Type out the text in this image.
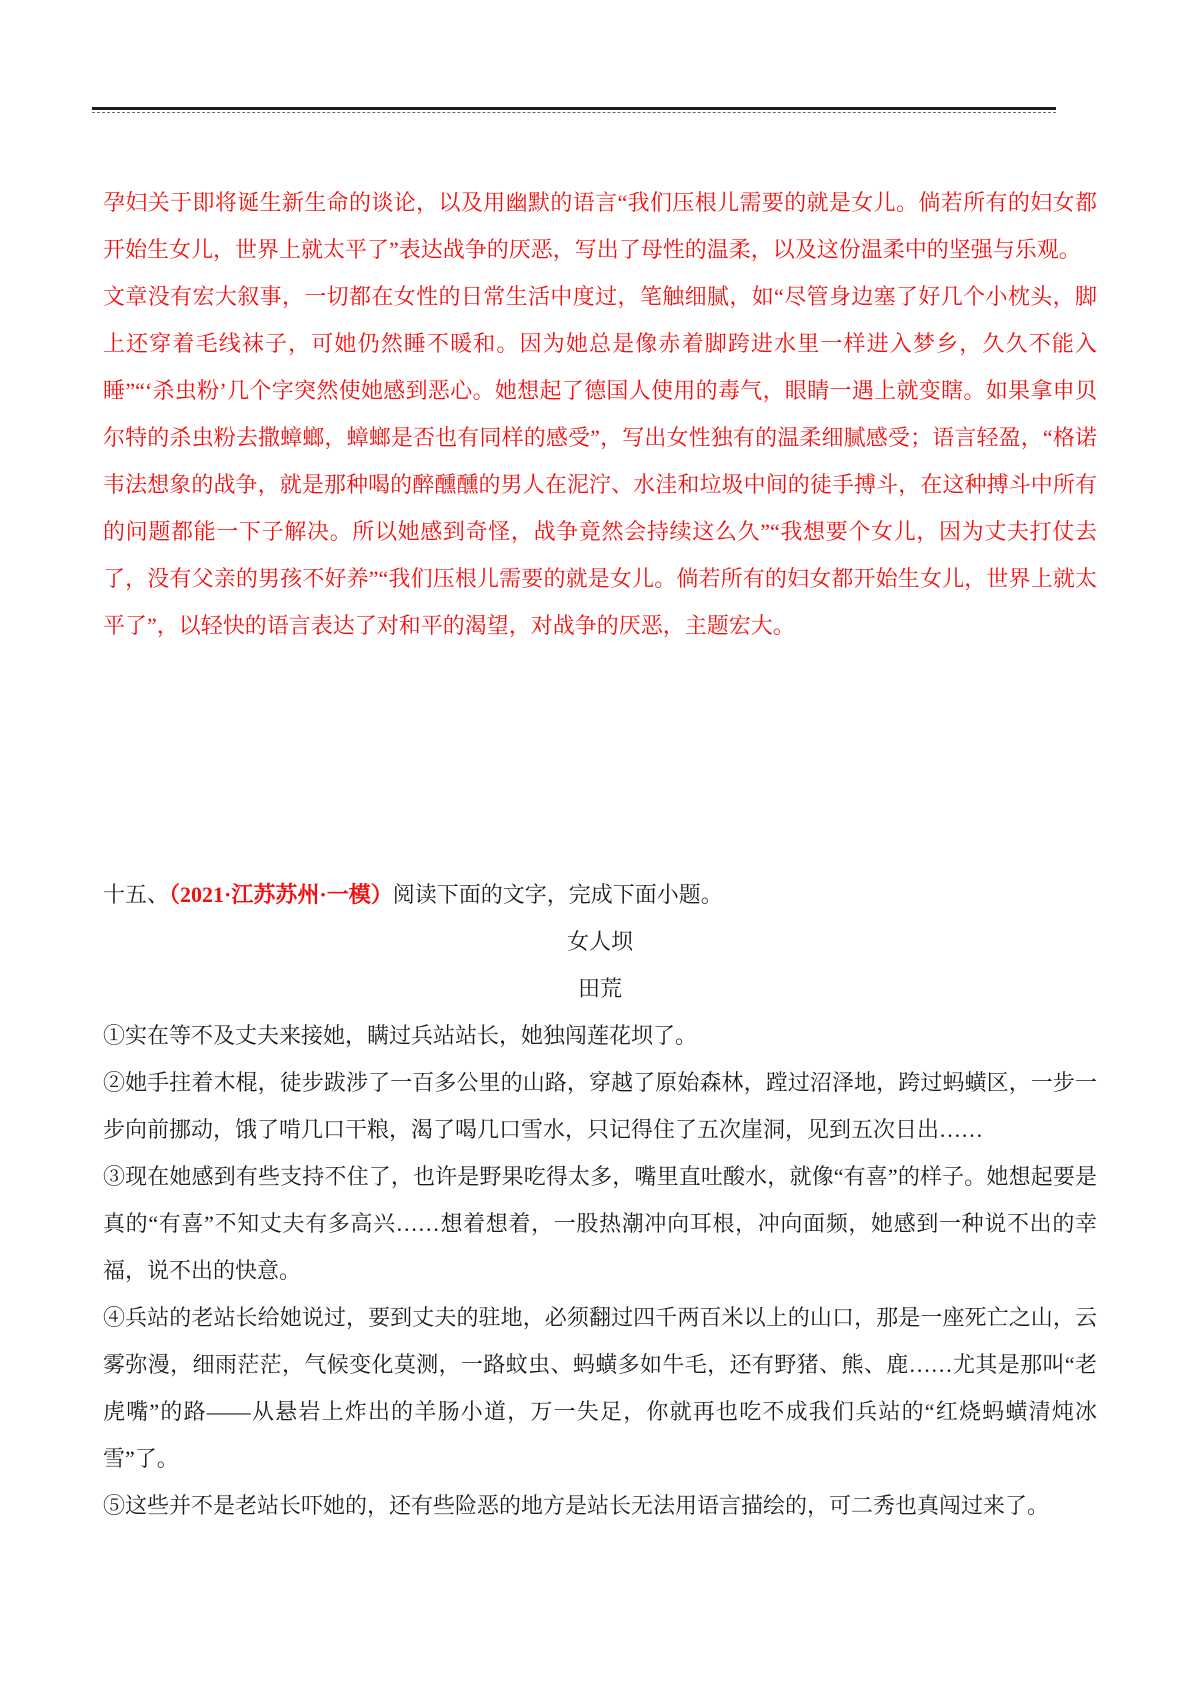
孕妇关于即将诞生新生命的谈论，以及用幽默的语言“我们压根儿需要的就是女儿。倘若所有的妇女都开始生女儿，世界上就太平了”表达战争的厌恶，写出了母性的温柔，以及这份温柔中的坚强与乐观。

文章没有宏大叙事，一切都在女性的日常生活中度过，笔触细腻，如“尽管身边塞了好几个小枕头，脚上还穿着毛线袜子，可她仍然睡不暖和。因为她总是像赤着脚跨进水里一样进入梦乡，久久不能入睡”“‘杀虫粉’几个字突然使她感到恶心。她想起了德国人使用的毒气，眼睛一遇上就变瞎。如果拿申贝尔特的杀虫粉去撒蟑螂，蟑螂是否也有同样的感受”，写出女性独有的温柔细腻感受；语言轻盈，“格诺韦法想象的战争，就是那种喝的醉醺醺的男人在泥泞、水洼和垃圾中间的徒手搏斗，在这种搏斗中所有的问题都能一下子解决。所以她感到奇怪，战争竟然会持续这么久”“我想要个女儿，因为丈夫打仗去了，没有父亲的男孩不好养”“我们压根儿需要的就是女儿。倘若所有的妇女都开始生女儿，世界上就太平了”，以轻快的语言表达了对和平的渴望，对战争的厌恶，主题宏大。

十五、（2021·江苏苏州·一模）阅读下面的文字，完成下面小题。

女人坝

田荒

①实在等不及丈夫来接她，瞒过兵站站长，她独闯莲花坝了。

②她手拄着木棍，徒步跋涉了一百多公里的山路，穿越了原始森林，蹚过沼泽地，跨过蚂蟥区，一步一步向前挪动，饿了啃几口干粮，渴了喝几口雪水，只记得住了五次崖洞，见到五次日出……

③现在她感到有些支持不住了，也许是野果吃得太多，嘴里直吐酸水，就像“有喜”的样子。她想起要是真的“有喜”不知丈夫有多高兴……想着想着，一股热潮冲向耳根，冲向面频，她感到一种说不出的幸福，说不出的快意。

④兵站的老站长给她说过，要到丈夫的驻地，必须翻过四千两百米以上的山口，那是一座死亡之山，云雾弥漫，细雨茫茫，气候变化莫测，一路蚊虫、蚂蟥多如牛毛，还有野猪、熊、鹿……尤其是那叫“老虎嘴”的路——从悬岩上炸出的羊肠小道，万一失足，你就再也吃不成我们兵站的“红烧蚂蟥清炖冰雪”了。

⑤这些并不是老站长吓她的，还有些险恶的地方是站长无法用语言描绘的，可二秀也真闯过来了。
